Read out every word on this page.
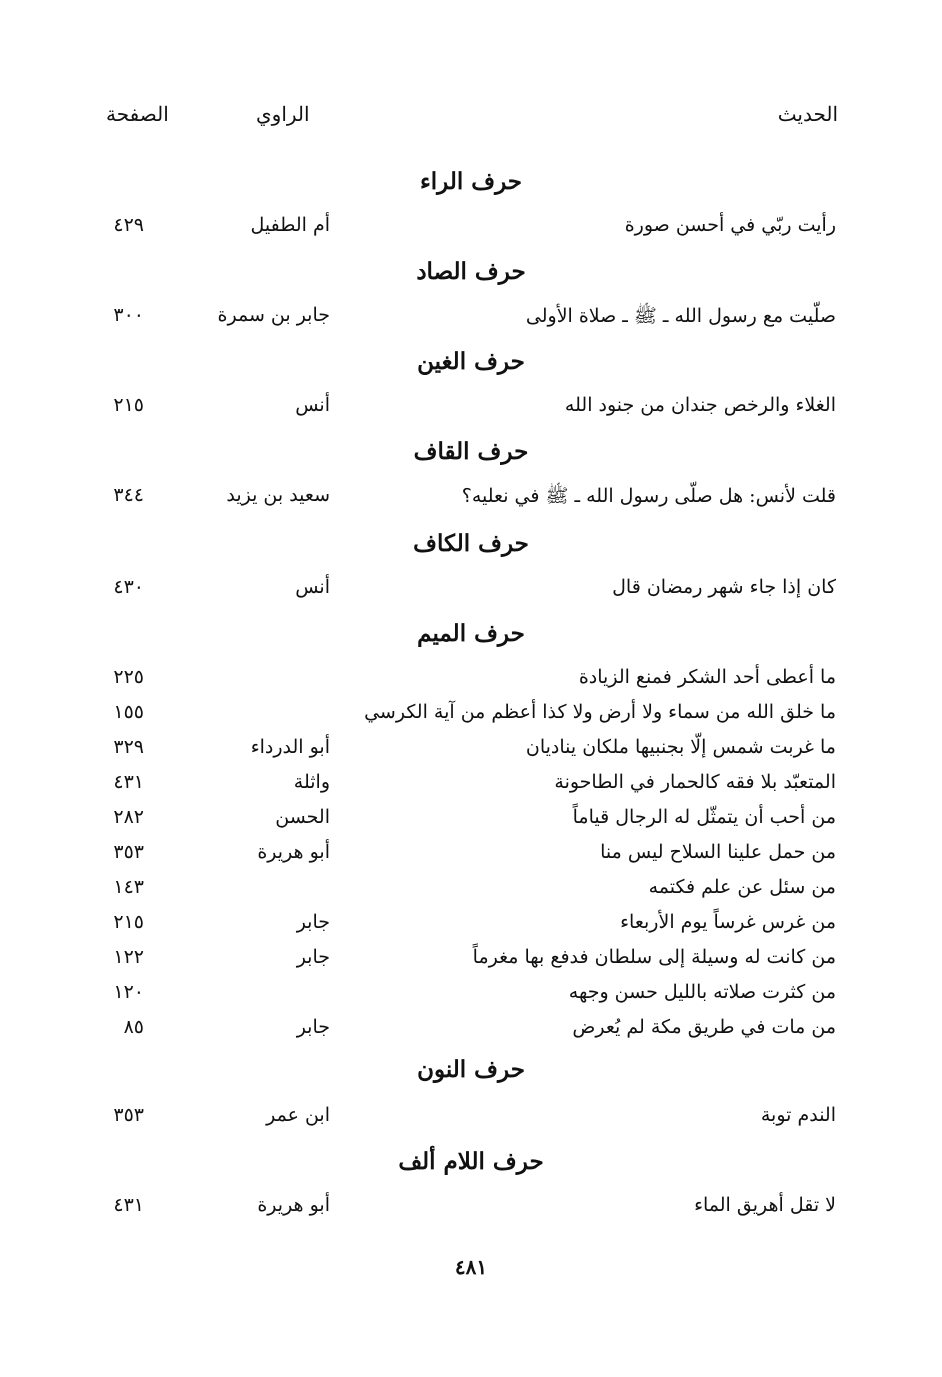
الحديث
الراوي
الصفحة
حرف الراء
رأيت ربّي في أحسن صورة
أم الطفيل
٤٢٩
حرف الصاد
صلّيت مع رسول الله ـ ﷺ ـ صلاة الأولى
جابر بن سمرة
٣٠٠
حرف الغين
الغلاء والرخص جندان من جنود الله
أنس
٢١٥
حرف القاف
قلت لأنس: هل صلّى رسول الله ـ ﷺ في نعليه؟
سعيد بن يزيد
٣٤٤
حرف الكاف
كان إذا جاء شهر رمضان قال
أنس
٤٣٠
حرف الميم
ما أعطى أحد الشكر فمنع الزيادة
٢٢٥
ما خلق الله من سماء ولا أرض ولا كذا أعظم من آية الكرسي
١٥٥
ما غربت شمس إلّا بجنبيها ملكان يناديان
أبو الدرداء
٣٢٩
المتعبّد بلا فقه كالحمار في الطاحونة
واثلة
٤٣١
من أحب أن يتمثّل له الرجال قياماً
الحسن
٢٨٢
من حمل علينا السلاح ليس منا
أبو هريرة
٣٥٣
من سئل عن علم فكتمه
١٤٣
من غرس غرساً يوم الأربعاء
جابر
٢١٥
من كانت له وسيلة إلى سلطان فدفع بها مغرماً
جابر
١٢٢
من كثرت صلاته بالليل حسن وجهه
١٢٠
من مات في طريق مكة لم يُعرض
جابر
٨٥
حرف النون
الندم توبة
ابن عمر
٣٥٣
حرف اللام ألف
لا تقل أهريق الماء
أبو هريرة
٤٣١
٤٨١
